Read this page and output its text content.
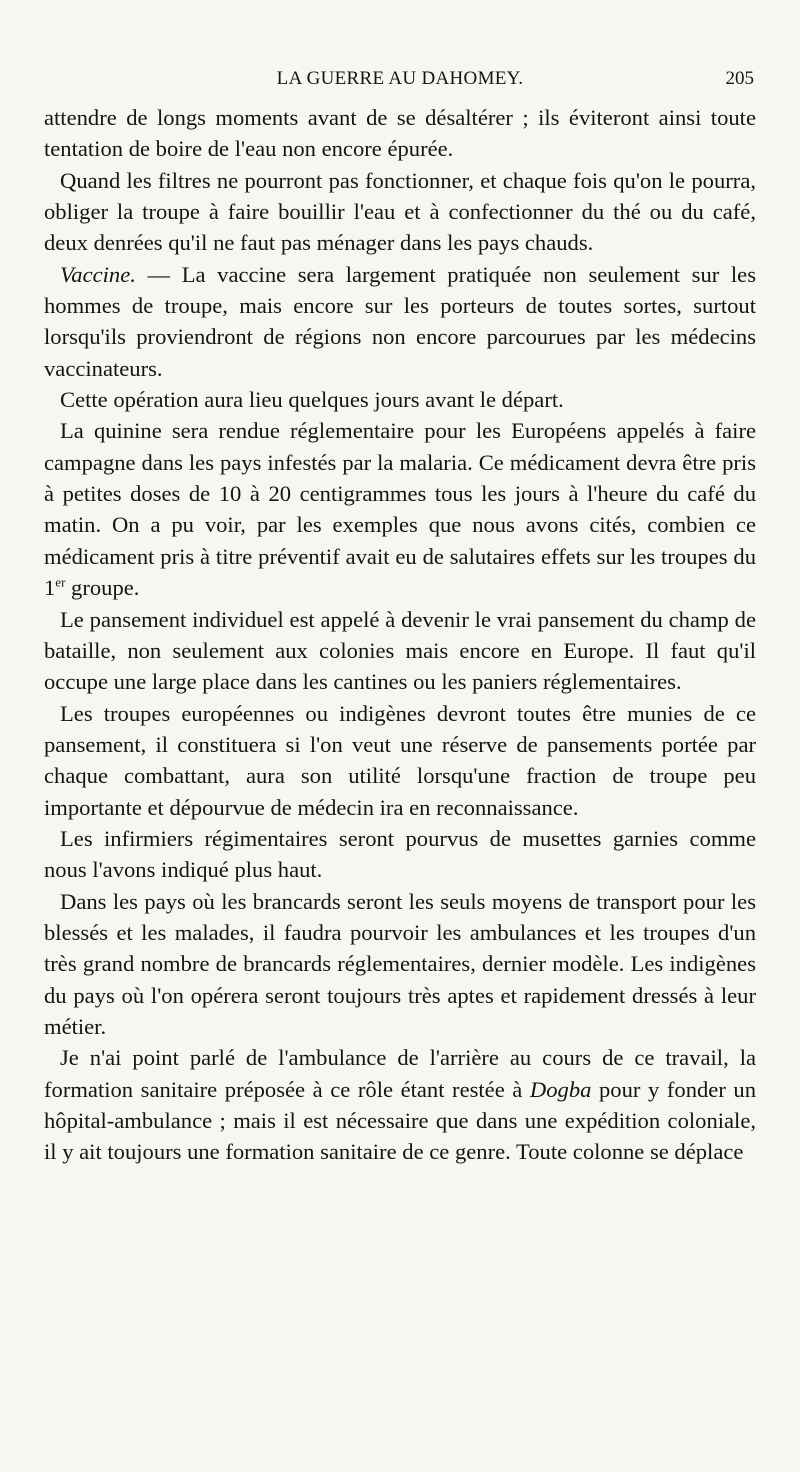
LA GUERRE AU DAHOMEY.	205

attendre de longs moments avant de se désaltérer ; ils éviteront ainsi toute tentation de boire de l'eau non encore épurée.

Quand les filtres ne pourront pas fonctionner, et chaque fois qu'on le pourra, obliger la troupe à faire bouillir l'eau et à confectionner du thé ou du café, deux denrées qu'il ne faut pas ménager dans les pays chauds.

Vaccine. — La vaccine sera largement pratiquée non seulement sur les hommes de troupe, mais encore sur les porteurs de toutes sortes, surtout lorsqu'ils proviendront de régions non encore parcourues par les médecins vaccinateurs.

Cette opération aura lieu quelques jours avant le départ.

La quinine sera rendue réglementaire pour les Européens appelés à faire campagne dans les pays infestés par la malaria. Ce médicament devra être pris à petites doses de 10 à 20 centigrammes tous les jours à l'heure du café du matin. On a pu voir, par les exemples que nous avons cités, combien ce médicament pris à titre préventif avait eu de salutaires effets sur les troupes du 1er groupe.

Le pansement individuel est appelé à devenir le vrai pansement du champ de bataille, non seulement aux colonies mais encore en Europe. Il faut qu'il occupe une large place dans les cantines ou les paniers réglementaires.

Les troupes européennes ou indigènes devront toutes être munies de ce pansement, il constituera si l'on veut une réserve de pansements portée par chaque combattant, aura son utilité lorsqu'une fraction de troupe peu importante et dépourvue de médecin ira en reconnaissance.

Les infirmiers régimentaires seront pourvus de musettes garnies comme nous l'avons indiqué plus haut.

Dans les pays où les brancards seront les seuls moyens de transport pour les blessés et les malades, il faudra pourvoir les ambulances et les troupes d'un très grand nombre de brancards réglementaires, dernier modèle. Les indigènes du pays où l'on opérera seront toujours très aptes et rapidement dressés à leur métier.

Je n'ai point parlé de l'ambulance de l'arrière au cours de ce travail, la formation sanitaire préposée à ce rôle étant restée à Dogba pour y fonder un hôpital-ambulance ; mais il est nécessaire que dans une expédition coloniale, il y ait toujours une formation sanitaire de ce genre. Toute colonne se déplace
